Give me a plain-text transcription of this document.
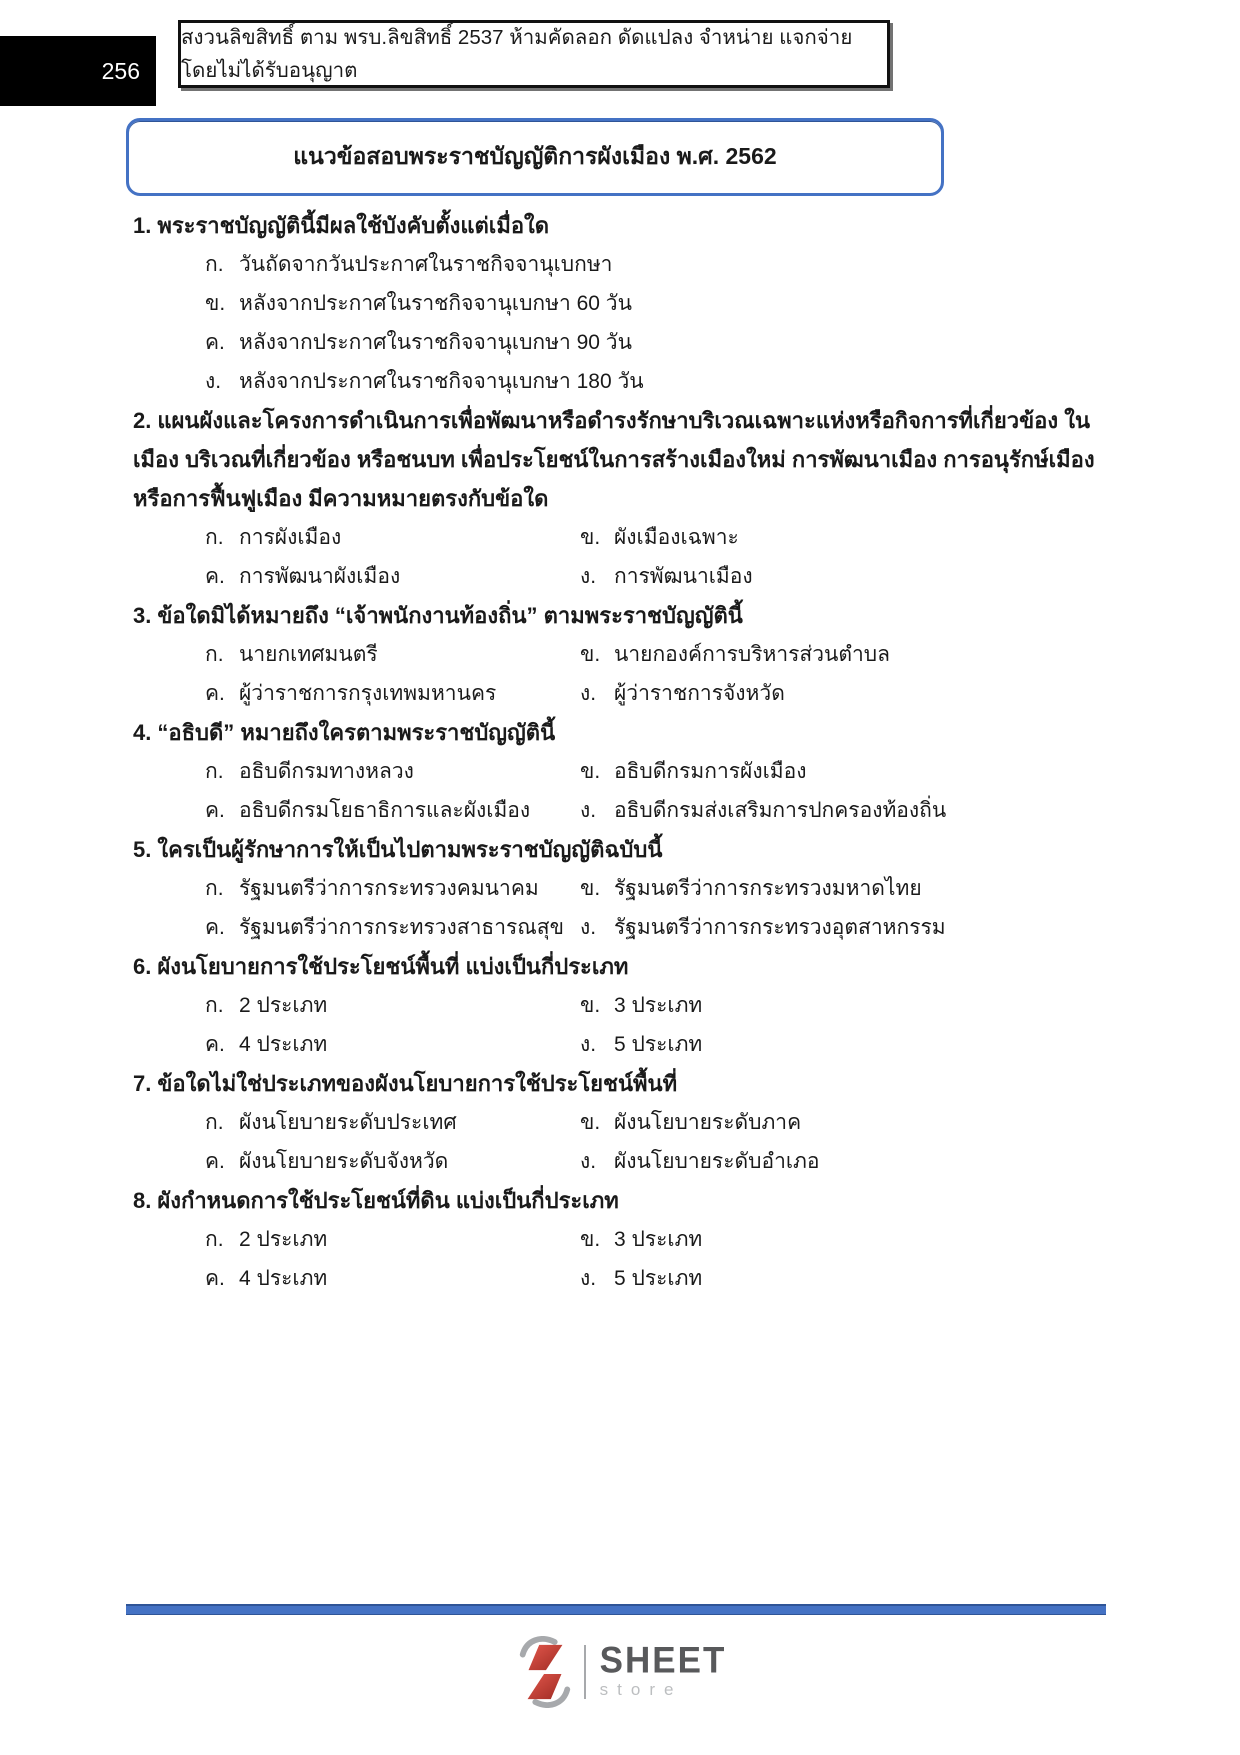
256
สงวนลิขสิทธิ์ ตาม พรบ.ลิขสิทธิ์ 2537 ห้ามคัดลอก ดัดแปลง จำหน่าย แจกจ่าย โดยไม่ได้รับอนุญาต
แนวข้อสอบพระราชบัญญัติการผังเมือง พ.ศ. 2562
1. พระราชบัญญัตินี้มีผลใช้บังคับตั้งแต่เมื่อใด
ก. วันถัดจากวันประกาศในราชกิจจานุเบกษา
ข. หลังจากประกาศในราชกิจจานุเบกษา 60 วัน
ค. หลังจากประกาศในราชกิจจานุเบกษา 90 วัน
ง. หลังจากประกาศในราชกิจจานุเบกษา 180 วัน
2. แผนผังและโครงการดำเนินการเพื่อพัฒนาหรือดำรงรักษาบริเวณเฉพาะแห่งหรือกิจการที่เกี่ยวข้อง ในเมือง บริเวณที่เกี่ยวข้อง หรือชนบท เพื่อประโยชน์ในการสร้างเมืองใหม่ การพัฒนาเมือง การอนุรักษ์เมือง หรือการฟื้นฟูเมือง มีความหมายตรงกับข้อใด
ก. การผังเมือง	ข. ผังเมืองเฉพาะ
ค. การพัฒนาผังเมือง	ง. การพัฒนาเมือง
3. ข้อใดมิได้หมายถึง “เจ้าพนักงานท้องถิ่น” ตามพระราชบัญญัตินี้
ก. นายกเทศมนตรี	ข. นายกองค์การบริหารส่วนตำบล
ค. ผู้ว่าราชการกรุงเทพมหานคร	ง. ผู้ว่าราชการจังหวัด
4. “อธิบดี” หมายถึงใครตามพระราชบัญญัตินี้
ก. อธิบดีกรมทางหลวง	ข. อธิบดีกรมการผังเมือง
ค. อธิบดีกรมโยธาธิการและผังเมือง ง. อธิบดีกรมส่งเสริมการปกครองท้องถิ่น
5. ใครเป็นผู้รักษาการให้เป็นไปตามพระราชบัญญัติฉบับนี้
ก. รัฐมนตรีว่าการกระทรวงคมนาคม ข. รัฐมนตรีว่าการกระทรวงมหาดไทย
ค. รัฐมนตรีว่าการกระทรวงสาธารณสุข ง. รัฐมนตรีว่าการกระทรวงอุตสาหกรรม
6. ผังนโยบายการใช้ประโยชน์พื้นที่ แบ่งเป็นกี่ประเภท
ก. 2 ประเภท	ข. 3 ประเภท
ค. 4 ประเภท	ง. 5 ประเภท
7. ข้อใดไม่ใช่ประเภทของผังนโยบายการใช้ประโยชน์พื้นที่
ก. ผังนโยบายระดับประเทศ	ข. ผังนโยบายระดับภาค
ค. ผังนโยบายระดับจังหวัด	ง. ผังนโยบายระดับอำเภอ
8. ผังกำหนดการใช้ประโยชน์ที่ดิน แบ่งเป็นกี่ประเภท
ก. 2 ประเภท	ข. 3 ประเภท
ค. 4 ประเภท	ง. 5 ประเภท
SHEET
store
